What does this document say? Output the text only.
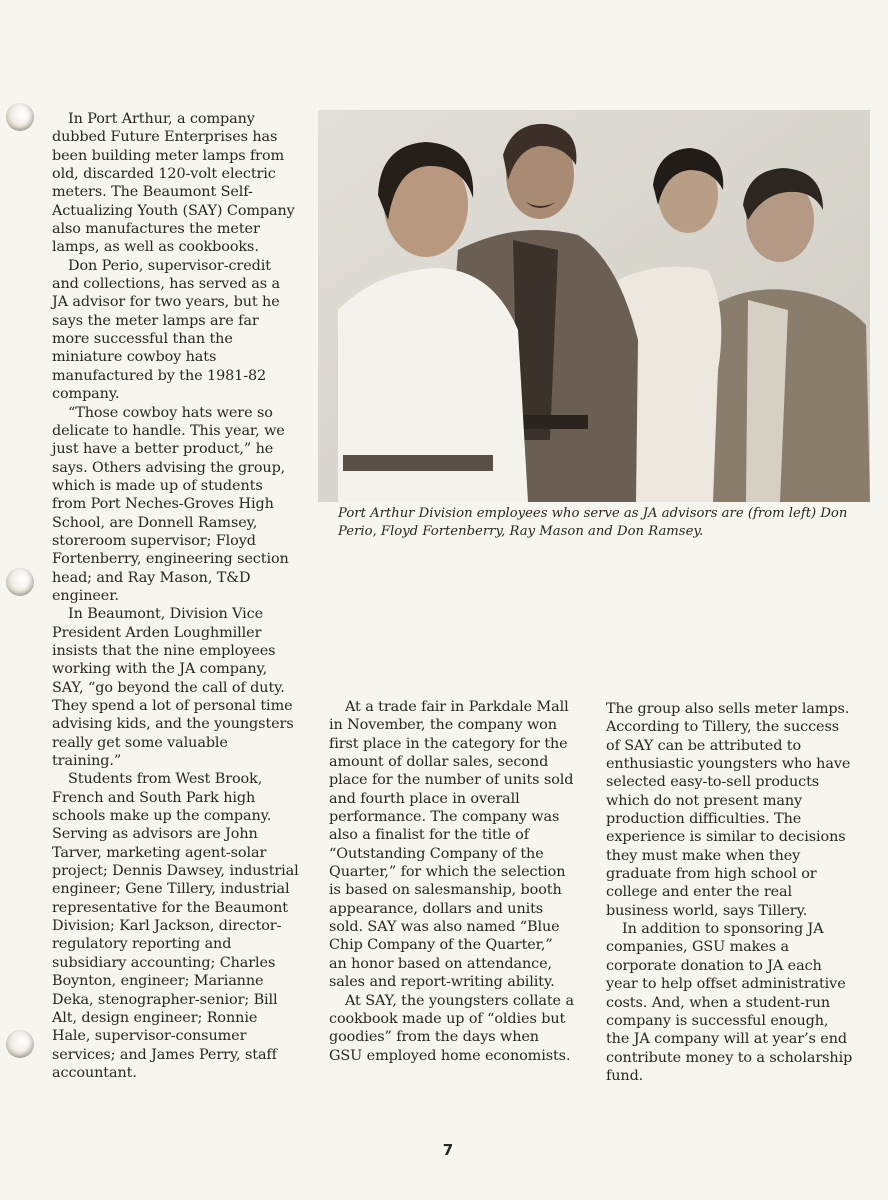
In Port Arthur, a company dubbed Future Enterprises has been building meter lamps from old, discarded 120-volt electric meters. The Beaumont Self-Actualizing Youth (SAY) Company also manufactures the meter lamps, as well as cookbooks.

Don Perio, supervisor-credit and collections, has served as a JA advisor for two years, but he says the meter lamps are far more successful than the miniature cowboy hats manufactured by the 1981-82 company.

“Those cowboy hats were so delicate to handle. This year, we just have a better product,” he says. Others advising the group, which is made up of students from Port Neches-Groves High School, are Donnell Ramsey, storeroom supervisor; Floyd Fortenberry, engineering section head; and Ray Mason, T&D engineer.

In Beaumont, Division Vice President Arden Loughmiller insists that the nine employees working with the JA company, SAY, “go beyond the call of duty. They spend a lot of personal time advising kids, and the youngsters really get some valuable training.”

Students from West Brook, French and South Park high schools make up the company. Serving as advisors are John Tarver, marketing agent-solar project; Dennis Dawsey, industrial engineer; Gene Tillery, industrial representative for the Beaumont Division; Karl Jackson, director-regulatory reporting and subsidiary accounting; Charles Boynton, engineer; Marianne Deka, stenographer-senior; Bill Alt, design engineer; Ronnie Hale, supervisor-consumer services; and James Perry, staff accountant.

Port Arthur Division employees who serve as JA advisors are (from left) Don Perio, Floyd Fortenberry, Ray Mason and Don Ramsey.

At a trade fair in Parkdale Mall in November, the company won first place in the category for the amount of dollar sales, second place for the number of units sold and fourth place in overall performance. The company was also a finalist for the title of “Outstanding Company of the Quarter,” for which the selection is based on salesmanship, booth appearance, dollars and units sold. SAY was also named “Blue Chip Company of the Quarter,” an honor based on attendance, sales and report-writing ability.

At SAY, the youngsters collate a cookbook made up of “oldies but goodies” from the days when GSU employed home economists.

The group also sells meter lamps. According to Tillery, the success of SAY can be attributed to enthusiastic youngsters who have selected easy-to-sell products which do not present many production difficulties. The experience is similar to decisions they must make when they graduate from high school or college and enter the real business world, says Tillery.

In addition to sponsoring JA companies, GSU makes a corporate donation to JA each year to help offset administrative costs. And, when a student-run company is successful enough, the JA company will at year’s end contribute money to a scholarship fund.

7
